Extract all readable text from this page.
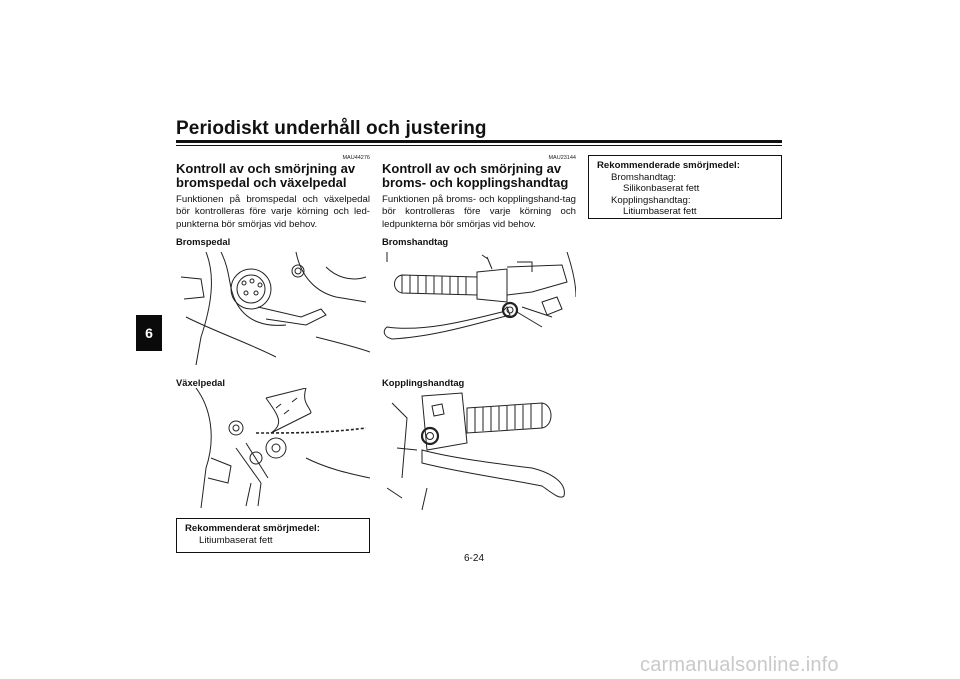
Periodiskt underhåll och justering
6
MAU44276
Kontroll av och smörjning av bromspedal och växelpedal
Funktionen på bromspedal och växelpedal bör kontrolleras före varje körning och led-punkterna bör smörjas vid behov.
Bromspedal
Växelpedal
Rekommenderat smörjmedel:
Litiumbaserat fett
MAU23144
Kontroll av och smörjning av broms- och kopplingshandtag
Funktionen på broms- och kopplingshand-tag bör kontrolleras före varje körning och ledpunkterna bör smörjas vid behov.
Bromshandtag
Kopplingshandtag
Rekommenderade smörjmedel:
Bromshandtag:
Silikonbaserat fett
Kopplingshandtag:
Litiumbaserat fett
6-24
carmanualsonline.info
